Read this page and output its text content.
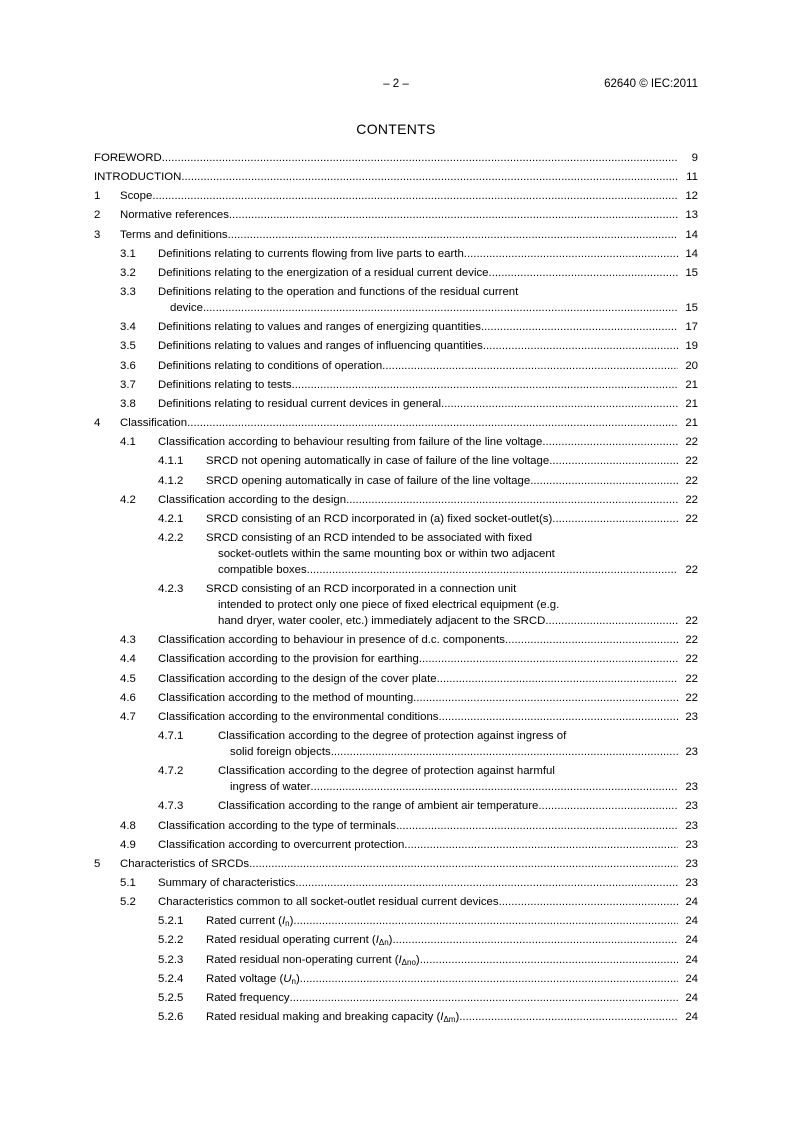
– 2 –	62640 © IEC:2011
CONTENTS
FOREWORD .....	9
INTRODUCTION .....	11
1 Scope .....	12
2 Normative references .....	13
3 Terms and definitions .....	14
3.1 Definitions relating to currents flowing from live parts to earth .....	14
3.2 Definitions relating to the energization of a residual current device .....	15
3.3 Definitions relating to the operation and functions of the residual current
device .....	15
3.4 Definitions relating to values and ranges of energizing quantities .....	17
3.5 Definitions relating to values and ranges of influencing quantities .....	19
3.6 Definitions relating to conditions of operation .....	20
3.7 Definitions relating to tests .....	21
3.8 Definitions relating to residual current devices in general .....	21
4 Classification .....	21
4.1 Classification according to behaviour resulting from failure of the line voltage .....	22
4.1.1 SRCD not opening automatically in case of failure of the line voltage .....	22
4.1.2 SRCD opening automatically in case of failure of the line voltage .....	22
4.2 Classification according to the design .....	22
4.2.1 SRCD consisting of an RCD incorporated in (a) fixed socket-outlet(s) .....	22
4.2.2 SRCD consisting of an RCD intended to be associated with fixed
socket-outlets within the same mounting box or within two adjacent
compatible boxes .....	22
4.2.3 SRCD consisting of an RCD incorporated in a connection unit
intended to protect only one piece of fixed electrical equipment (e.g.
hand dryer, water cooler, etc.) immediately adjacent to the SRCD .....	22
4.3 Classification according to behaviour in presence of d.c. components .....	22
4.4 Classification according to the provision for earthing .....	22
4.5 Classification according to the design of the cover plate .....	22
4.6 Classification according to the method of mounting .....	22
4.7 Classification according to the environmental conditions .....	23
4.7.1	Classification according to the degree of protection against ingress of
solid foreign objects .....	23
4.7.2	Classification according to the degree of protection against harmful
ingress of water .....	23
4.7.3	Classification according to the range of ambient air temperature .....	23
4.8 Classification according to the type of terminals .....	23
4.9 Classification according to overcurrent protection .....	23
5 Characteristics of SRCDs .....	23
5.1 Summary of characteristics .....	23
5.2 Characteristics common to all socket-outlet residual current devices .....	24
5.2.1 Rated current $(I_n)$ .....	24
5.2.2 Rated residual operating current $(I_{\Delta n})$ .....	24
5.2.3 Rated residual non-operating current $(I_{\Delta no})$ .....	24
5.2.4 Rated voltage $(U_n)$ .....	24
5.2.5 Rated frequency .....	24
5.2.6 Rated residual making and breaking capacity $(I_{\Delta m})$ .....	24
